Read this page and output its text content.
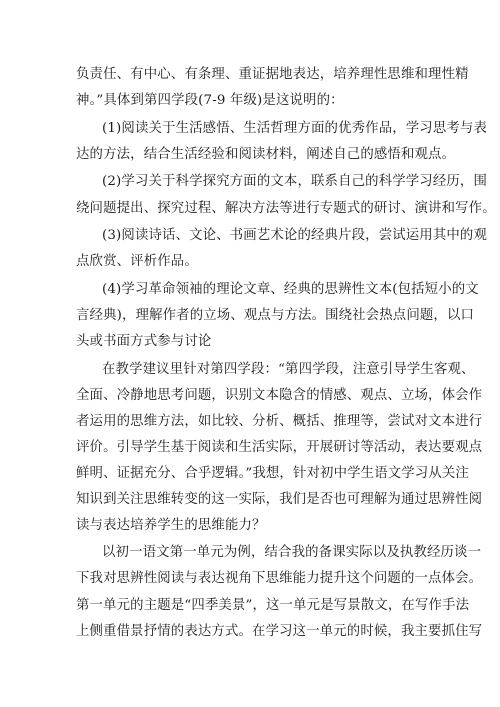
负责任、有中心、有条理、重证据地表达，培养理性思维和理性精
神。”具体到第四学段(7-9 年级)是这说明的：
(1)阅读关于生活感悟、生活哲理方面的优秀作品，学习思考与表
达的方法，结合生活经验和阅读材料，阐述自己的感悟和观点。
(2)学习关于科学探究方面的文本，联系自己的科学学习经历，围
绕问题提出、探究过程、解决方法等进行专题式的研讨、演讲和写作。
(3)阅读诗话、文论、书画艺术论的经典片段，尝试运用其中的观
点欣赏、评析作品。
(4)学习革命领袖的理论文章、经典的思辨性文本(包括短小的文
言经典)，理解作者的立场、观点与方法。围绕社会热点问题，以口
头或书面方式参与讨论
在教学建议里针对第四学段：“第四学段，注意引导学生客观、
全面、冷静地思考问题，识别文本隐含的情感、观点、立场，体会作
者运用的思维方法，如比较、分析、概括、推理等，尝试对文本进行
评价。引导学生基于阅读和生活实际，开展研讨等活动，表达要观点
鲜明、证据充分、合乎逻辑。”我想，针对初中学生语文学习从关注
知识到关注思维转变的这一实际，我们是否也可理解为通过思辨性阅
读与表达培养学生的思维能力？
以初一语文第一单元为例，结合我的备课实际以及执教经历谈一
下我对思辨性阅读与表达视角下思维能力提升这个问题的一点体会。
第一单元的主题是“四季美景”，这一单元是写景散文，在写作手法
上侧重借景抒情的表达方式。在学习这一单元的时候，我主要抓住写
